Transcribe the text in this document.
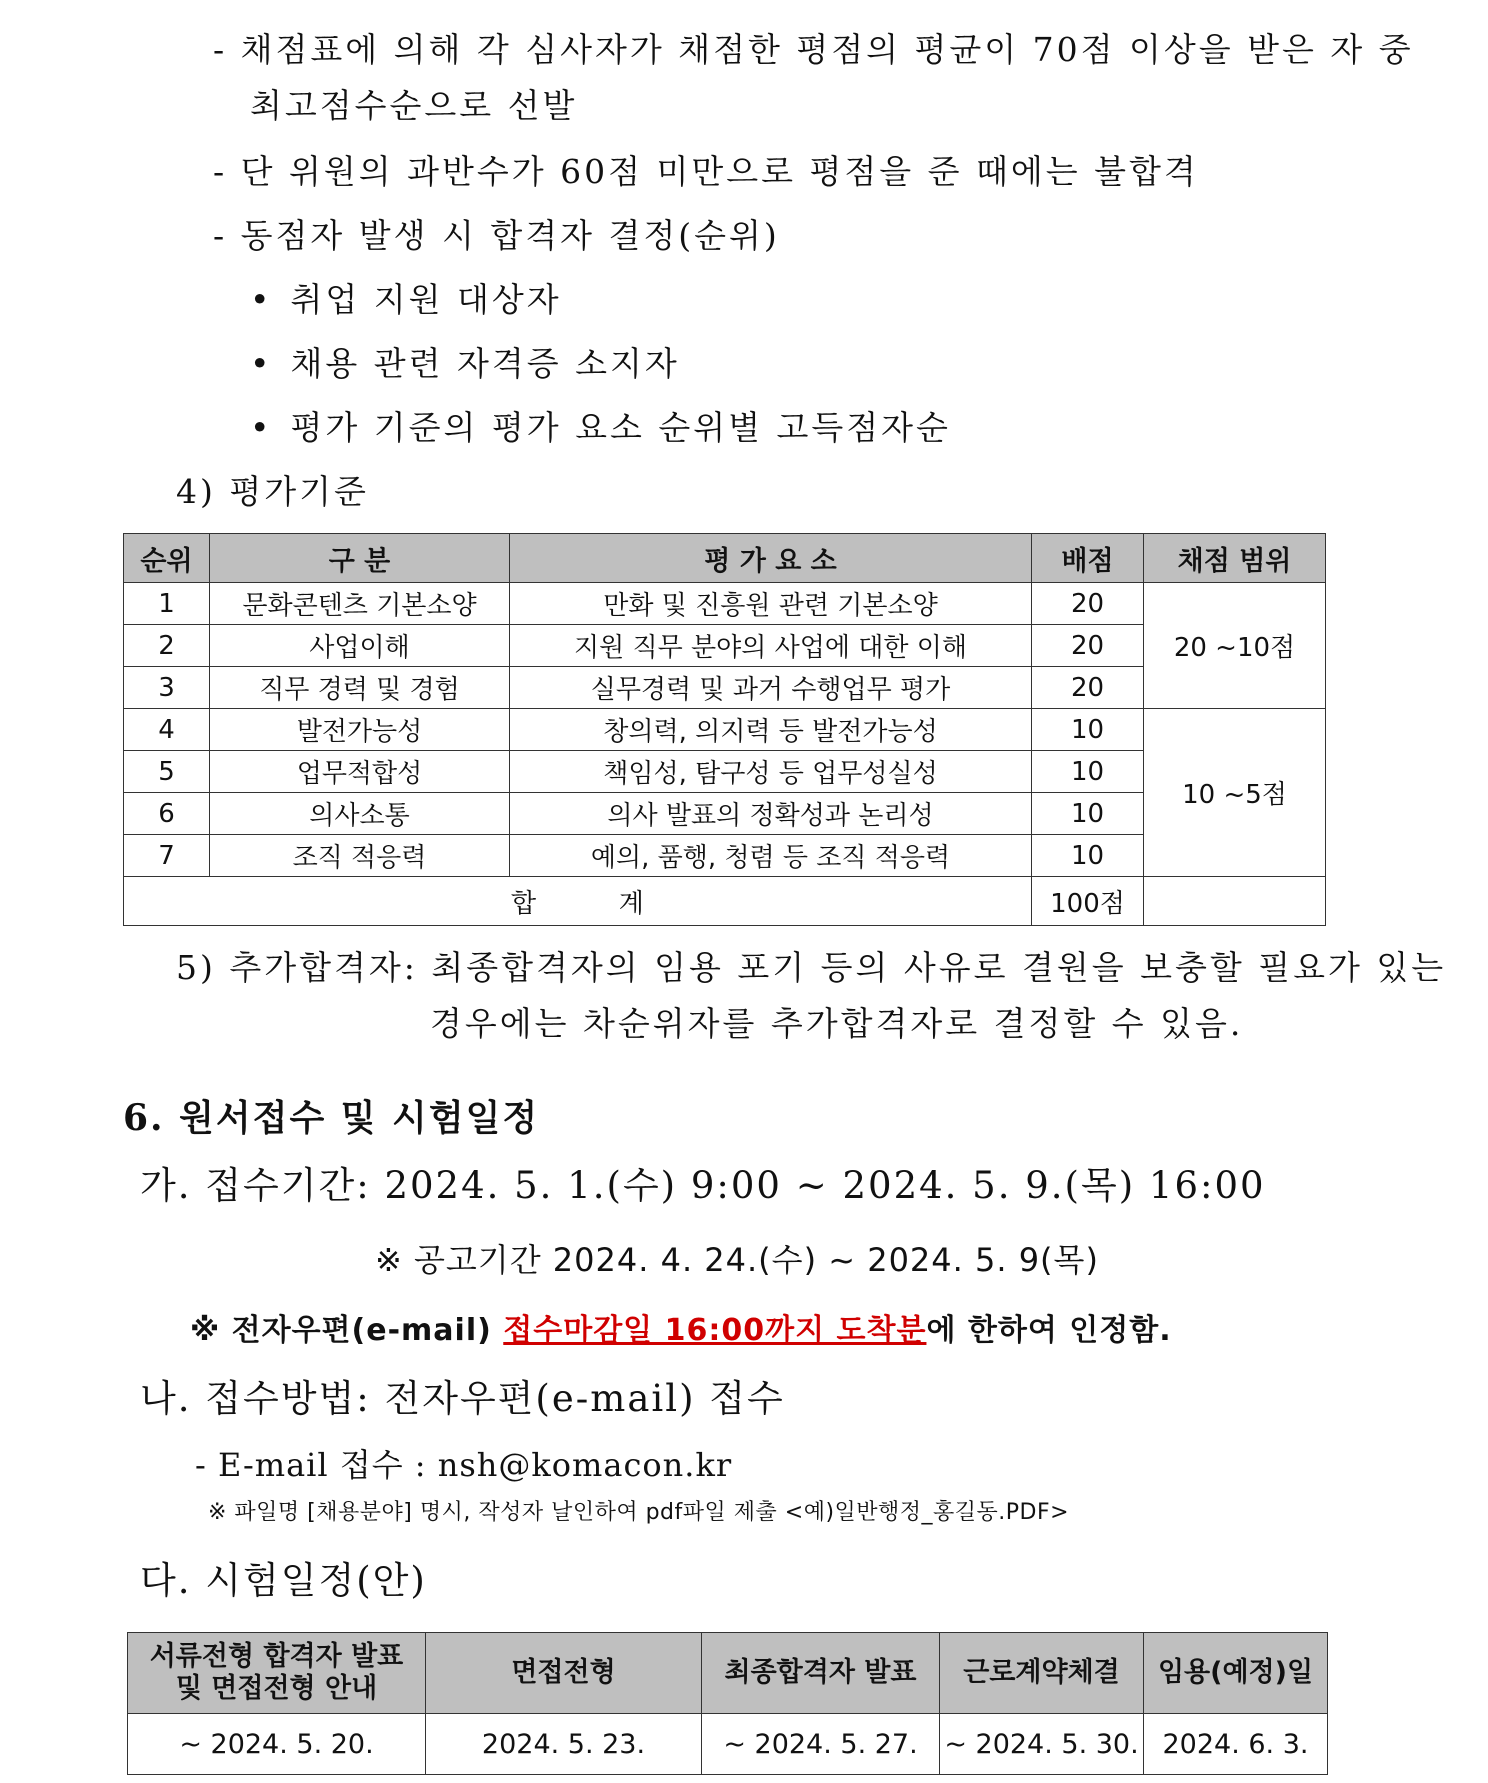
- 채점표에 의해 각 심사자가 채점한 평점의 평균이 70점 이상을 받은 자 중
최고점수순으로 선발
- 단 위원의 과반수가 60점 미만으로 평점을 준 때에는 불합격
- 동점자 발생 시 합격자 결정(순위)
• 취업 지원 대상자
• 채용 관련 자격증 소지자
• 평가 기준의 평가 요소 순위별 고득점자순
4) 평가기준
순위	구 분	평 가 요 소	배점	채점 범위
1	문화콘텐츠 기본소양	만화 및 진흥원 관련 기본소양	20	20 ~10점
2	사업이해	지원 직무 분야의 사업에 대한 이해	20	
3	직무 경력 및 경험	실무경력 및 과거 수행업무 평가	20	
4	발전가능성	창의력, 의지력 등 발전가능성	10	10 ~5점
5	업무적합성	책임성, 탐구성 등 업무성실성	10	
6	의사소통	의사 발표의 정확성과 논리성	10	
7	조직 적응력	예의, 품행, 청렴 등 조직 적응력	10	
합          계			100점	
5) 추가합격자: 최종합격자의 임용 포기 등의 사유로 결원을 보충할 필요가 있는
경우에는 차순위자를 추가합격자로 결정할 수 있음.
6. 원서접수 및 시험일정
가. 접수기간: 2024. 5. 1.(수) 9:00 ~ 2024. 5. 9.(목) 16:00
※ 공고기간 2024. 4. 24.(수) ~ 2024. 5. 9(목)
※ 전자우편(e-mail) 접수마감일 16:00까지 도착분에 한하여 인정함.
나. 접수방법: 전자우편(e-mail) 접수
- E-mail 접수 : nsh@komacon.kr
※ 파일명 [채용분야] 명시, 작성자 날인하여 pdf파일 제출 <예)일반행정_홍길동.PDF>
다. 시험일정(안)
서류전형 합격자 발표 및 면접전형 안내	면접전형	최종합격자 발표	근로계약체결	임용(예정)일
~ 2024. 5. 20.	2024. 5. 23.	~ 2024. 5. 27.	~ 2024. 5. 30.	2024. 6. 3.
